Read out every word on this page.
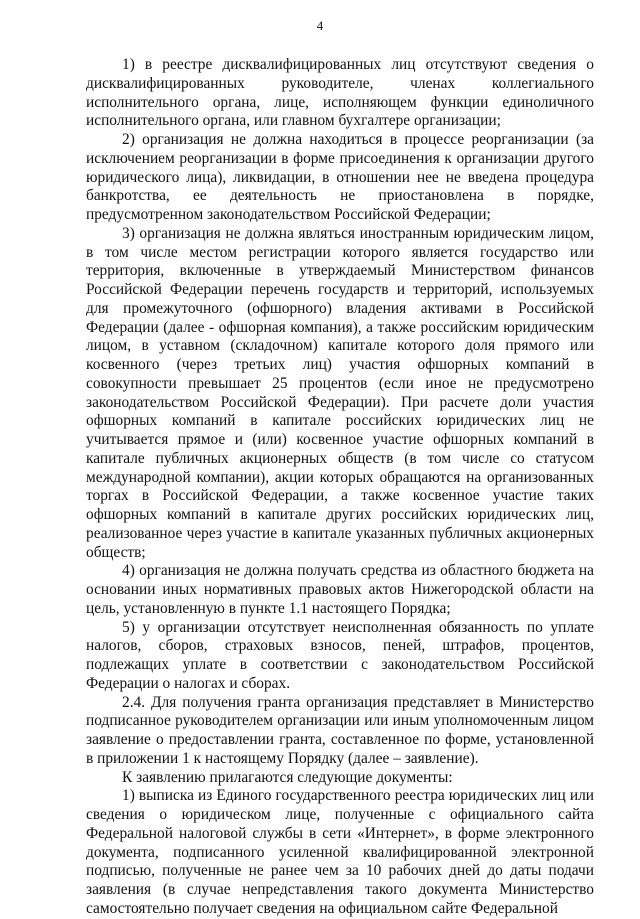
4

1) в реестре дисквалифицированных лиц отсутствуют сведения о дисквалифицированных руководителе, членах коллегиального исполнительного органа, лице, исполняющем функции единоличного исполнительного органа, или главном бухгалтере организации;

2) организация не должна находиться в процессе реорганизации (за исключением реорганизации в форме присоединения к организации другого юридического лица), ликвидации, в отношении нее не введена процедура банкротства, ее деятельность не приостановлена в порядке, предусмотренном законодательством Российской Федерации;

3) организация не должна являться иностранным юридическим лицом, в том числе местом регистрации которого является государство или территория, включенные в утверждаемый Министерством финансов Российской Федерации перечень государств и территорий, используемых для промежуточного (офшорного) владения активами в Российской Федерации (далее - офшорная компания), а также российским юридическим лицом, в уставном (складочном) капитале которого доля прямого или косвенного (через третьих лиц) участия офшорных компаний в совокупности превышает 25 процентов (если иное не предусмотрено законодательством Российской Федерации). При расчете доли участия офшорных компаний в капитале российских юридических лиц не учитывается прямое и (или) косвенное участие офшорных компаний в капитале публичных акционерных обществ (в том числе со статусом международной компании), акции которых обращаются на организованных торгах в Российской Федерации, а также косвенное участие таких офшорных компаний в капитале других российских юридических лиц, реализованное через участие в капитале указанных публичных акционерных обществ;

4) организация не должна получать средства из областного бюджета на основании иных нормативных правовых актов Нижегородской области на цель, установленную в пункте 1.1 настоящего Порядка;

5) у организации отсутствует неисполненная обязанность по уплате налогов, сборов, страховых взносов, пеней, штрафов, процентов, подлежащих уплате в соответствии с законодательством Российской Федерации о налогах и сборах.

2.4. Для получения гранта организация представляет в Министерство подписанное руководителем организации или иным уполномоченным лицом заявление о предоставлении гранта, составленное по форме, установленной в приложении 1 к настоящему Порядку (далее – заявление).

К заявлению прилагаются следующие документы:

1) выписка из Единого государственного реестра юридических лиц или сведения о юридическом лице, полученные с официального сайта Федеральной налоговой службы в сети «Интернет», в форме электронного документа, подписанного усиленной квалифицированной электронной подписью, полученные не ранее чем за 10 рабочих дней до даты подачи заявления (в случае непредставления такого документа Министерство самостоятельно получает сведения на официальном сайте Федеральной
